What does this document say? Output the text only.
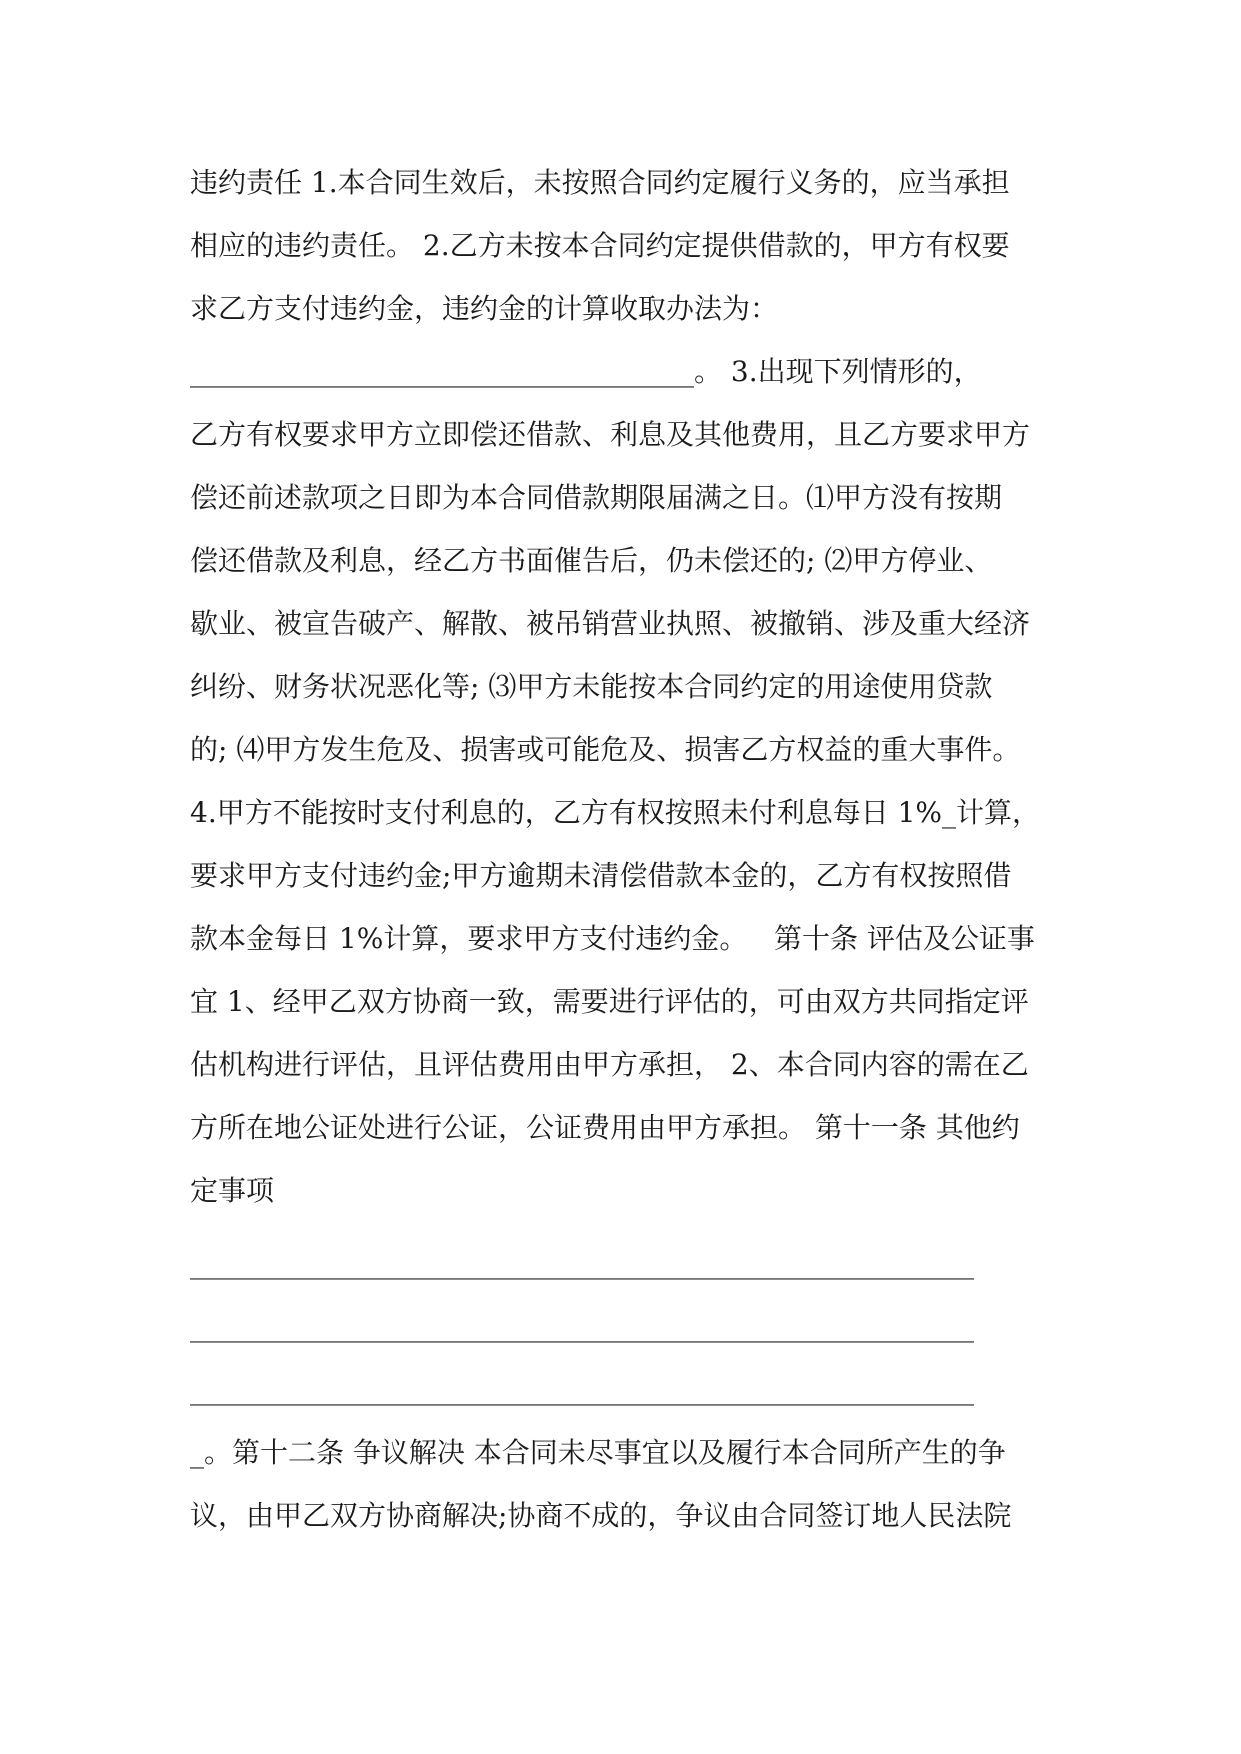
违约责任 1.本合同生效后，未按照合同约定履行义务的，应当承担
相应的违约责任。 2.乙方未按本合同约定提供借款的，甲方有权要
求乙方支付违约金，违约金的计算收取办法为：
____________________________________。 3.出现下列情形的，
乙方有权要求甲方立即偿还借款、利息及其他费用，且乙方要求甲方
偿还前述款项之日即为本合同借款期限届满之日。⑴甲方没有按期
偿还借款及利息，经乙方书面催告后，仍未偿还的; ⑵甲方停业、
歇业、被宣告破产、解散、被吊销营业执照、被撤销、涉及重大经济
纠纷、财务状况恶化等; ⑶甲方未能按本合同约定的用途使用贷款
的; ⑷甲方发生危及、损害或可能危及、损害乙方权益的重大事件。
4.甲方不能按时支付利息的，乙方有权按照未付利息每日 1%_计算，
要求甲方支付违约金;甲方逾期未清偿借款本金的，乙方有权按照借
款本金每日 1%计算，要求甲方支付违约金。   第十条 评估及公证事
宜 1、经甲乙双方协商一致，需要进行评估的，可由双方共同指定评
估机构进行评估，且评估费用由甲方承担， 2、本合同内容的需在乙
方所在地公证处进行公证，公证费用由甲方承担。 第十一条 其他约
定事项
________________________________________________________
________________________________________________________
________________________________________________________
_。第十二条 争议解决 本合同未尽事宜以及履行本合同所产生的争
议，由甲乙双方协商解决;协商不成的，争议由合同签订地人民法院
